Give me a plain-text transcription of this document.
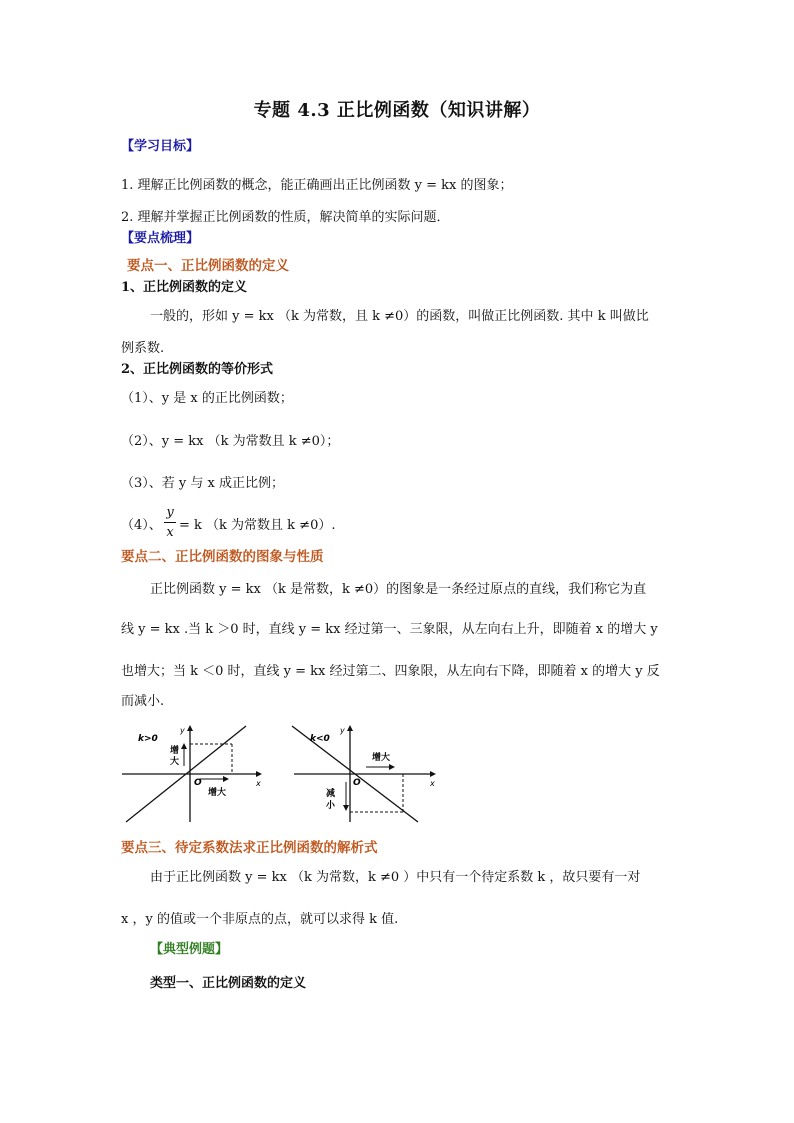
专题 4.3 正比例函数（知识讲解）
【学习目标】
1. 理解正比例函数的概念，能正确画出正比例函数 y = kx 的图象；
2. 理解并掌握正比例函数的性质，解决简单的实际问题．
【要点梳理】
要点一、正比例函数的定义
1、正比例函数的定义
一般的，形如 y = kx （k 为常数，且 k ≠0）的函数，叫做正比例函数. 其中 k 叫做比
例系数.
2、正比例函数的等价形式
（1）、y 是 x 的正比例函数；
（2）、y = kx （k 为常数且 k ≠0）；
（3）、若 y 与 x 成正比例；
（4）、
y
x = k （k 为常数且 k ≠0）.
要点二、正比例函数的图象与性质
正比例函数 y = kx （k 是常数，k ≠0）的图象是一条经过原点的直线，我们称它为直
线 y = kx .当 k ＞0 时，直线 y = kx 经过第一、三象限，从左向右上升，即随着 x 的增大 y
也增大；当 k ＜0 时，直线 y = kx 经过第二、四象限，从左向右下降，即随着 x 的增大 y 反
而减小.
k>0
y
x
O
增
大
增大
k<0
y
x
O
增大
减
小
要点三、待定系数法求正比例函数的解析式
由于正比例函数 y = kx （k 为常数，k ≠0 ）中只有一个待定系数 k ，故只要有一对
x ，y 的值或一个非原点的点，就可以求得 k 值.
【典型例题】
类型一、正比例函数的定义
